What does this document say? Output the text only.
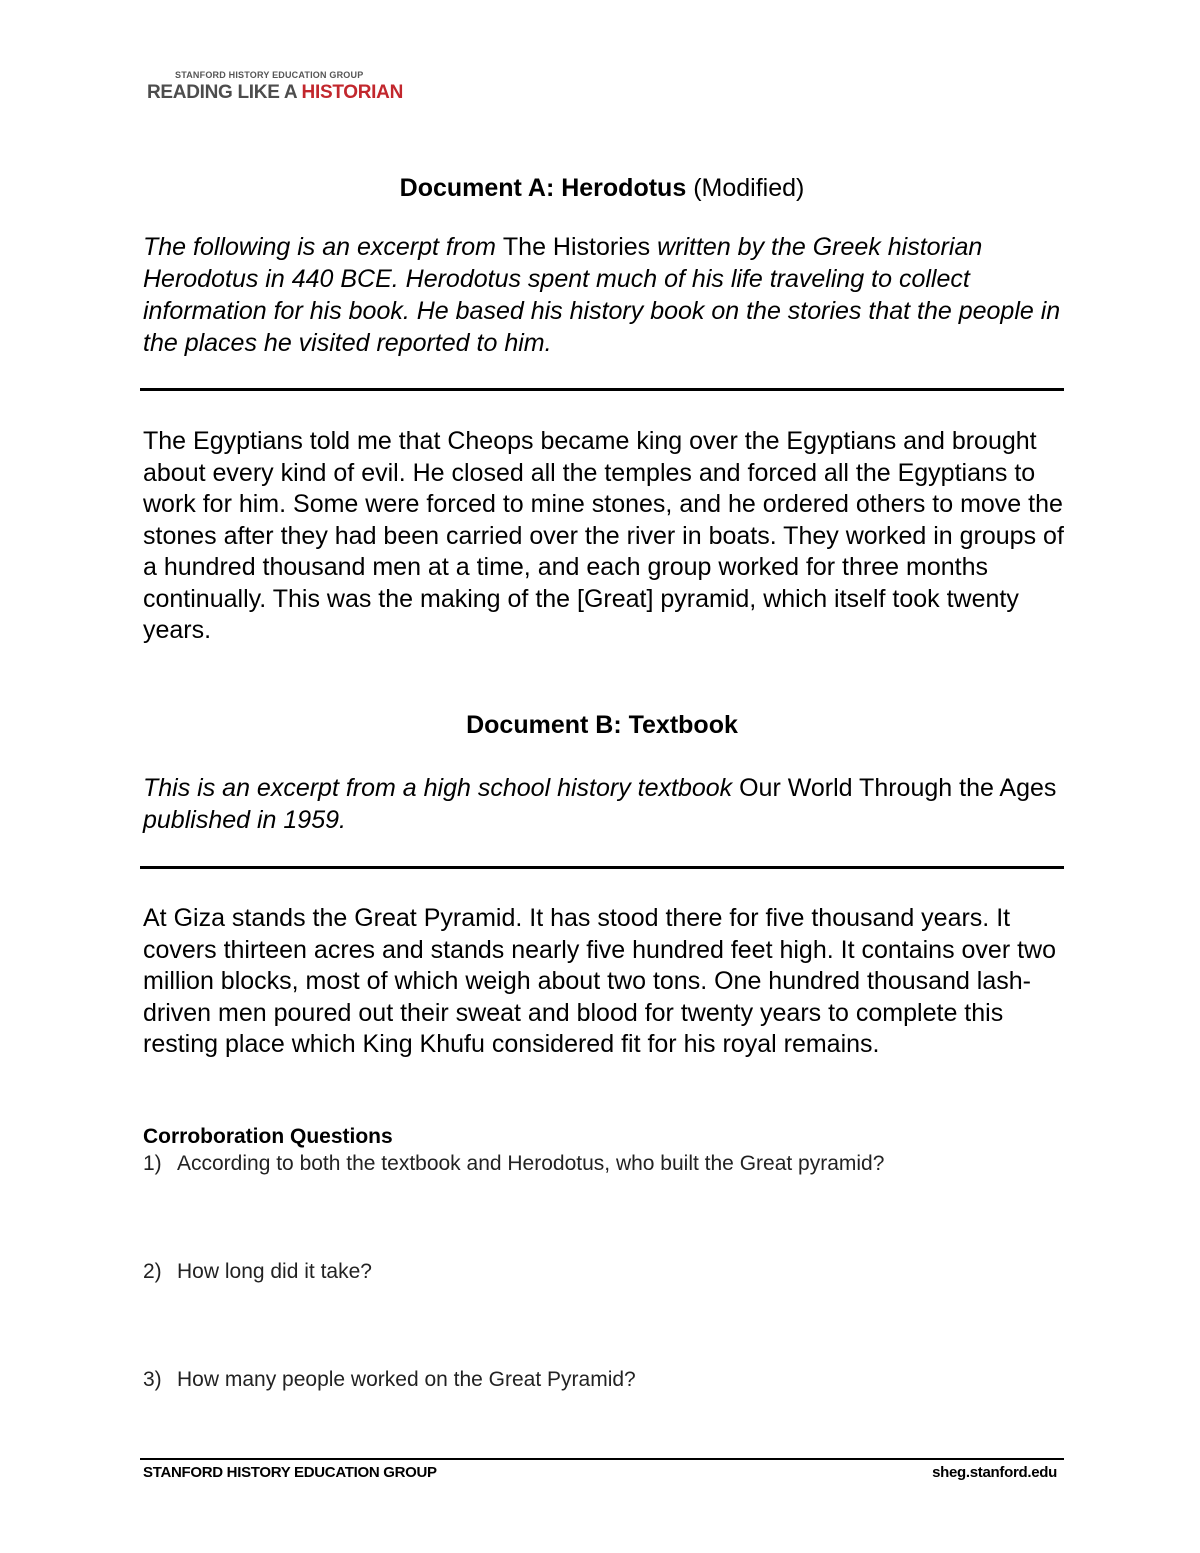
STANFORD HISTORY EDUCATION GROUP
READING LIKE A HISTORIAN
Document A: Herodotus (Modified)
The following is an excerpt from The Histories written by the Greek historian Herodotus in 440 BCE. Herodotus spent much of his life traveling to collect information for his book. He based his history book on the stories that the people in the places he visited reported to him.
The Egyptians told me that Cheops became king over the Egyptians and brought about every kind of evil. He closed all the temples and forced all the Egyptians to work for him. Some were forced to mine stones, and he ordered others to move the stones after they had been carried over the river in boats. They worked in groups of a hundred thousand men at a time, and each group worked for three months continually. This was the making of the [Great] pyramid, which itself took twenty years.
Document B: Textbook
This is an excerpt from a high school history textbook Our World Through the Ages published in 1959.
At Giza stands the Great Pyramid. It has stood there for five thousand years. It covers thirteen acres and stands nearly five hundred feet high. It contains over two million blocks, most of which weigh about two tons. One hundred thousand lash-driven men poured out their sweat and blood for twenty years to complete this resting place which King Khufu considered fit for his royal remains.
Corroboration Questions
1) According to both the textbook and Herodotus, who built the Great pyramid?
2) How long did it take?
3) How many people worked on the Great Pyramid?
STANFORD HISTORY EDUCATION GROUP	sheg.stanford.edu
